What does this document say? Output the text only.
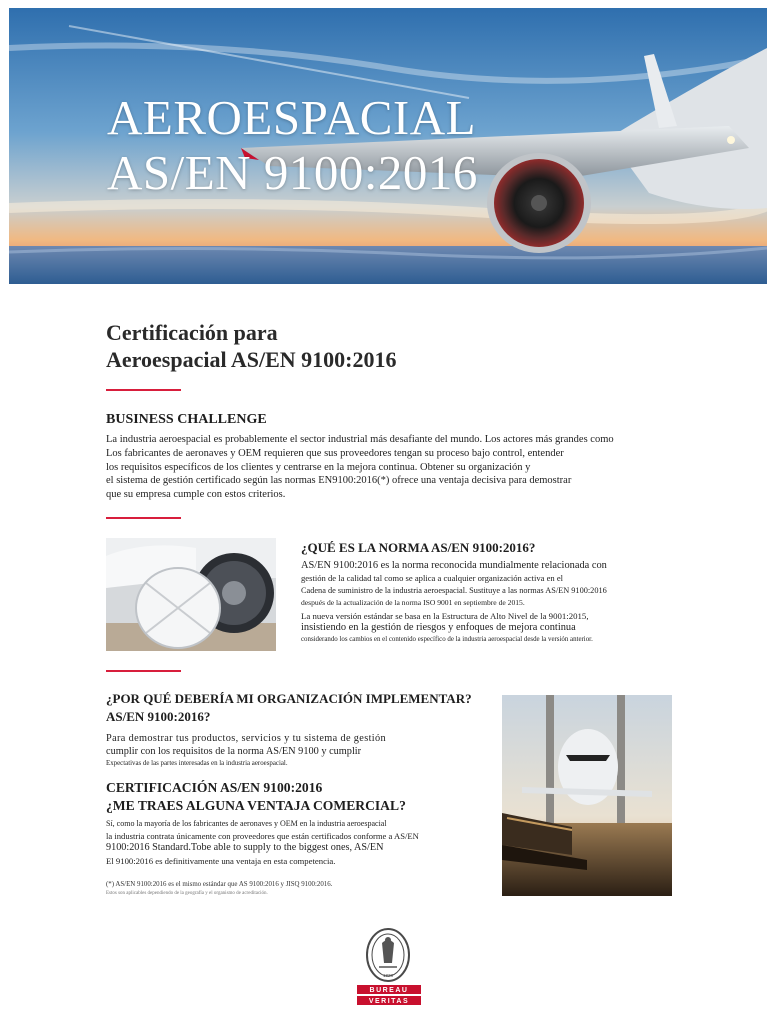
AEROESPACIAL
AS/EN 9100:2016
Certificación para
Aeroespacial AS/EN 9100:2016
BUSINESS CHALLENGE

La industria aeroespacial es probablemente el sector industrial más desafiante del mundo. Los actores más grandes como
Los fabricantes de aeronaves y OEM requieren que sus proveedores tengan su proceso bajo control, entender
los requisitos específicos de los clientes y centrarse en la mejora continua. Obtener su organización y
el sistema de gestión certificado según las normas EN9100:2016(*) ofrece una ventaja decisiva para demostrar
que su empresa cumple con estos criterios.

¿QUÉ ES LA NORMA AS/EN 9100:2016?

AS/EN 9100:2016 es la norma reconocida mundialmente relacionada con
gestión de la calidad tal como se aplica a cualquier organización activa en el
Cadena de suministro de la industria aeroespacial. Sustituye a las normas AS/EN 9100:2016
después de la actualización de la norma ISO 9001 en septiembre de 2015.
La nueva versión estándar se basa en la Estructura de Alto Nivel de la 9001:2015,
insistiendo en la gestión de riesgos y enfoques de mejora continua
considerando los cambios en el contenido específico de la industria aeroespacial desde la versión anterior.

¿POR QUÉ DEBERÍA MI ORGANIZACIÓN IMPLEMENTAR?
AS/EN 9100:2016?

Para demostrar tus productos, servicios y tu sistema de gestión
cumplir con los requisitos de la norma AS/EN 9100 y cumplir
Expectativas de las partes interesadas en la industria aeroespacial.

CERTIFICACIÓN AS/EN 9100:2016
¿ME TRAES ALGUNA VENTAJA COMERCIAL?

Sí, como la mayoría de los fabricantes de aeronaves y OEM en la industria aeroespacial
la industria contrata únicamente con proveedores que están certificados conforme a AS/EN
9100:2016 Standard.Tobe able to supply to the biggest ones, AS/EN
El 9100:2016 es definitivamente una ventaja en esta competencia.

(*) AS/EN 9100:2016 es el mismo estándar que AS 9100:2016 y JISQ 9100:2016.
Estos son aplicables dependiendo de la geografía y el organismo de acreditación.

1828
BUREAU
VERITAS
